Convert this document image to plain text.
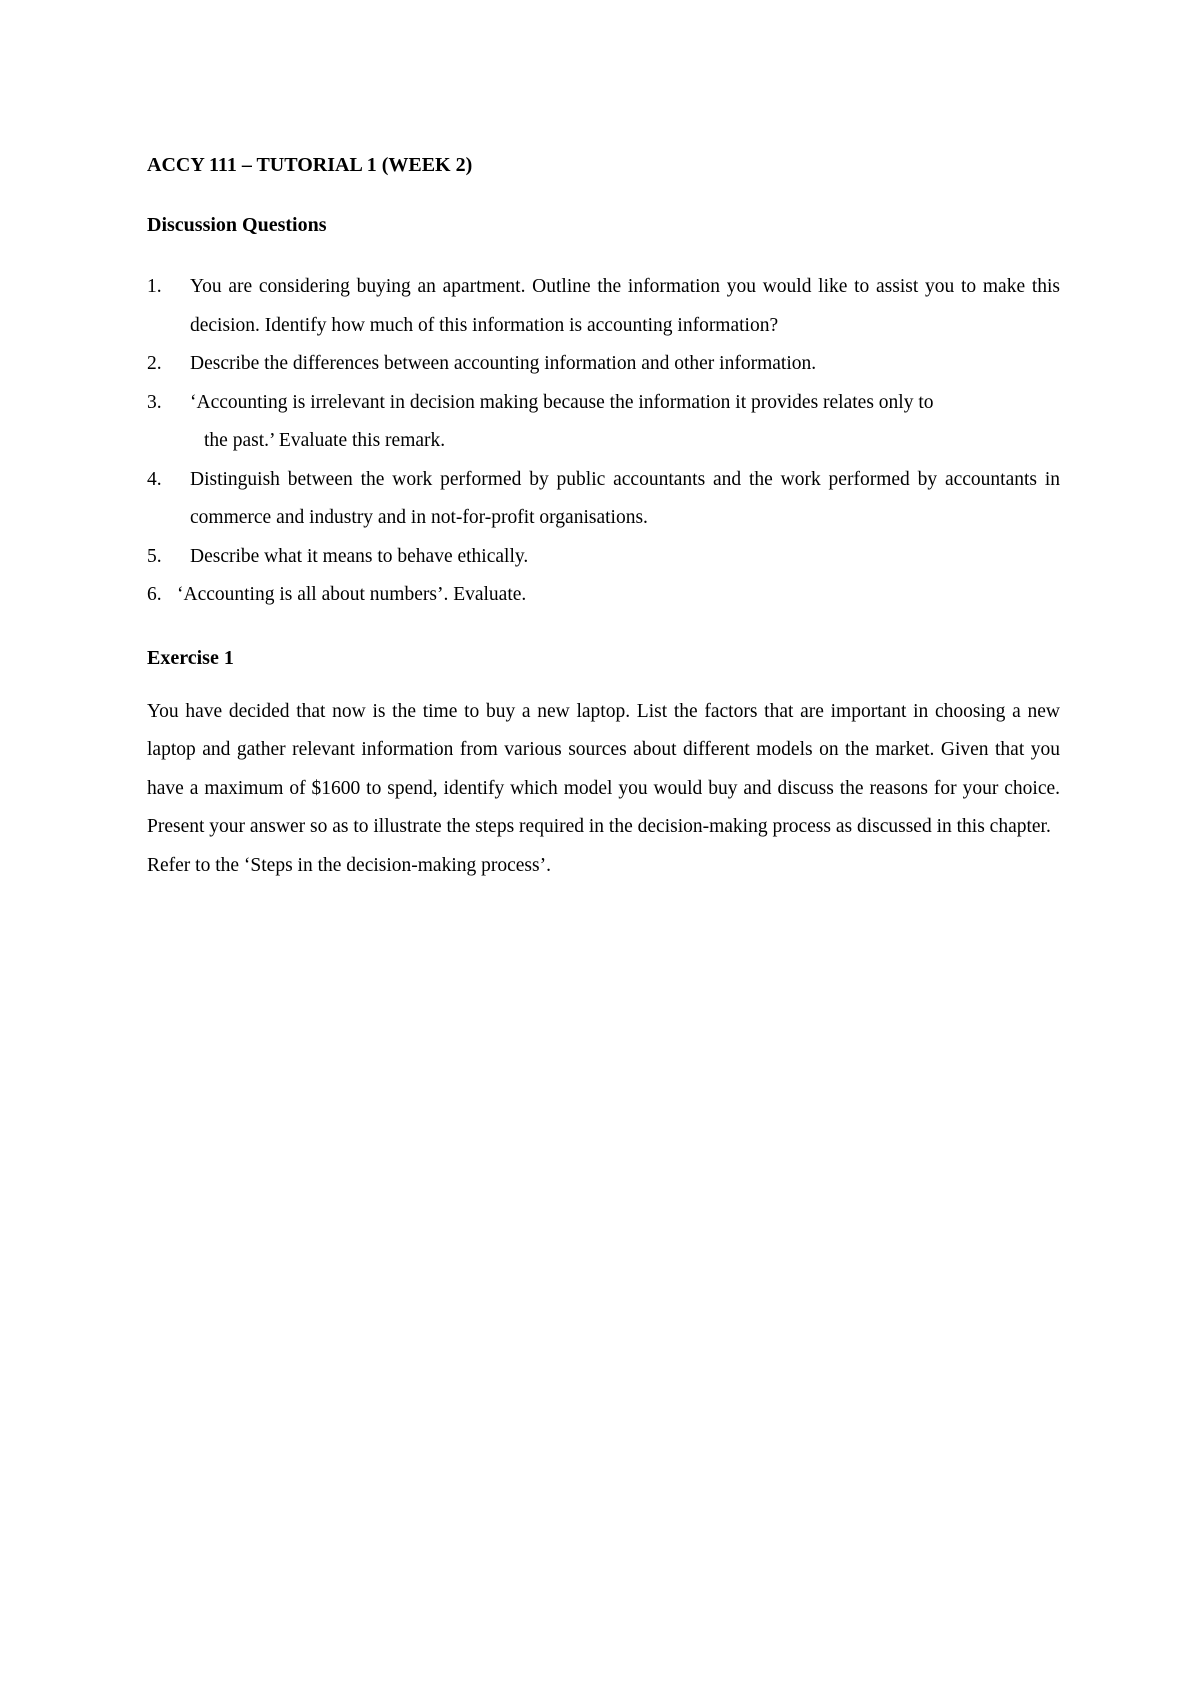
ACCY 111 – TUTORIAL 1 (WEEK 2)
Discussion Questions
1. You are considering buying an apartment. Outline the information you would like to assist you to make this decision. Identify how much of this information is accounting information?
2. Describe the differences between accounting information and other information.
3. ‘Accounting is irrelevant in decision making because the information it provides relates only to
the past.’ Evaluate this remark.
4. Distinguish between the work performed by public accountants and the work performed by accountants in commerce and industry and in not-for-profit organisations.
5. Describe what it means to behave ethically.
6. ‘Accounting is all about numbers’. Evaluate.
Exercise 1

You have decided that now is the time to buy a new laptop. List the factors that are important in choosing a new laptop and gather relevant information from various sources about different models on the market. Given that you have a maximum of $1600 to spend, identify which model you would buy and discuss the reasons for your choice. Present your answer so as to illustrate the steps required in the decision-making process as discussed in this chapter.

Refer to the ‘Steps in the decision-making process’.
